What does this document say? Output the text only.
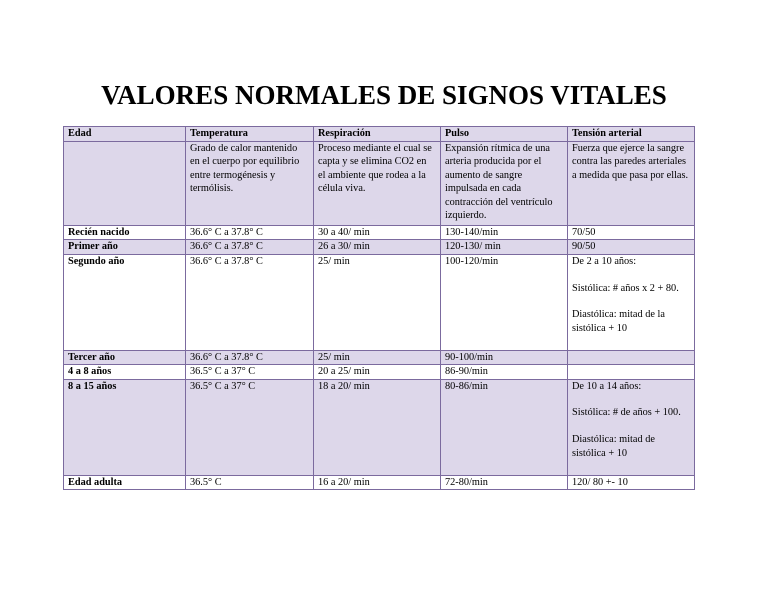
VALORES NORMALES DE SIGNOS VITALES
Edad	Temperatura	Respiración	Pulso	Tensión arterial
	Grado de calor mantenido en el cuerpo por equilibrio entre termogénesis y termólisis.	Proceso mediante el cual se capta y se elimina CO2 en el ambiente que rodea a la célula viva.	Expansión rítmica de una arteria producida por el aumento de sangre impulsada en cada contracción del ventrículo izquierdo.	Fuerza que ejerce la sangre contra las paredes arteriales a medida que pasa por ellas.
Recién nacido	36.6° C a 37.8° C	30 a 40/ min	130-140/min	70/50

Primer año	36.6° C a 37.8° C	26 a 30/ min	120-130/ min	90/50

Segundo año	36.6° C a 37.8° C	25/ min	100-120/min	De 2 a 10 años:
Sistólica: # años x 2 + 80.
Diastólica: mitad de la sistólica + 10

Tercer año	36.6° C a 37.8° C	25/ min	90-100/min	

4 a 8 años	36.5° C a 37° C	20 a 25/ min	86-90/min	

8 a 15 años	36.5° C a 37° C	18 a 20/ min	80-86/min	De 10 a 14 años:
Sistólica: # de años + 100.
Diastólica: mitad de sistólica + 10

Edad adulta	36.5° C	16 a 20/ min	72-80/min	120/ 80 +- 10
